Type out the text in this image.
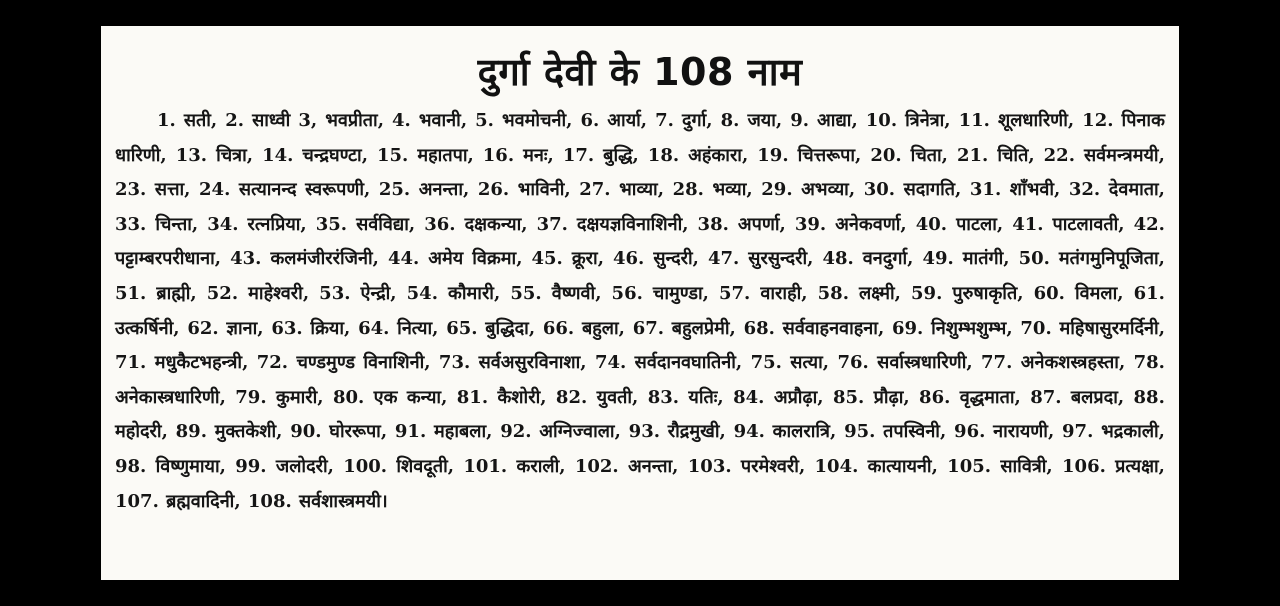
दुर्गा देवी के 108 नाम

1. सती, 2. साध्वी 3, भवप्रीता, 4. भवानी, 5. भवमोचनी, 6. आर्या, 7. दुर्गा, 8. जया, 9. आद्या, 10. त्रिनेत्रा, 11. शूलधारिणी, 12. पिनाक धारिणी, 13. चित्रा, 14. चन्द्रघण्टा, 15. महातपा, 16. मनः, 17. बुद्धि, 18. अहंकारा, 19. चित्तरूपा, 20. चिता, 21. चिति, 22. सर्वमन्त्रमयी, 23. सत्ता, 24. सत्यानन्द स्वरूपणी, 25. अनन्ता, 26. भाविनी, 27. भाव्या, 28. भव्या, 29. अभव्या, 30. सदागति, 31. शाँभवी, 32. देवमाता, 33. चिन्ता, 34. रत्नप्रिया, 35. सर्वविद्या, 36. दक्षकन्या, 37. दक्षयज्ञविनाशिनी, 38. अपर्णा, 39. अनेकवर्णा, 40. पाटला, 41. पाटलावती, 42. पट्टाम्बरपरीधाना, 43. कलमंजीररंजिनी, 44. अमेय विक्रमा, 45. क्रूरा, 46. सुन्दरी, 47. सुरसुन्दरी, 48. वनदुर्गा, 49. मातंगी, 50. मतंगमुनिपूजिता, 51. ब्राह्मी, 52. माहेश्वरी, 53. ऐन्द्री, 54. कौमारी, 55. वैष्णवी, 56. चामुण्डा, 57. वाराही, 58. लक्ष्मी, 59. पुरुषाकृति, 60. विमला, 61. उत्कर्षिनी, 62. ज्ञाना, 63. क्रिया, 64. नित्या, 65. बुद्धिदा, 66. बहुला, 67. बहुलप्रेमी, 68. सर्ववाहनवाहना, 69. निशुम्भशुम्भ, 70. महिषासुरमर्दिनी, 71. मधुकैटभहन्त्री, 72. चण्डमुण्ड विनाशिनी, 73. सर्वअसुरविनाशा, 74. सर्वदानवघातिनी, 75. सत्या, 76. सर्वास्त्रधारिणी, 77. अनेकशस्त्रहस्ता, 78. अनेकास्त्रधारिणी, 79. कुमारी, 80. एक कन्या, 81. कैशोरी, 82. युवती, 83. यतिः, 84. अप्रौढ़ा, 85. प्रौढ़ा, 86. वृद्धमाता, 87. बलप्रदा, 88. महोदरी, 89. मुक्तकेशी, 90. घोररूपा, 91. महाबला, 92. अग्निज्वाला, 93. रौद्रमुखी, 94. कालरात्रि, 95. तपस्विनी, 96. नारायणी, 97. भद्रकाली, 98. विष्णुमाया, 99. जलोदरी, 100. शिवदूती, 101. कराली, 102. अनन्ता, 103. परमेश्वरी, 104. कात्यायनी, 105. सावित्री, 106. प्रत्यक्षा, 107. ब्रह्मवादिनी, 108. सर्वशास्त्रमयी।
